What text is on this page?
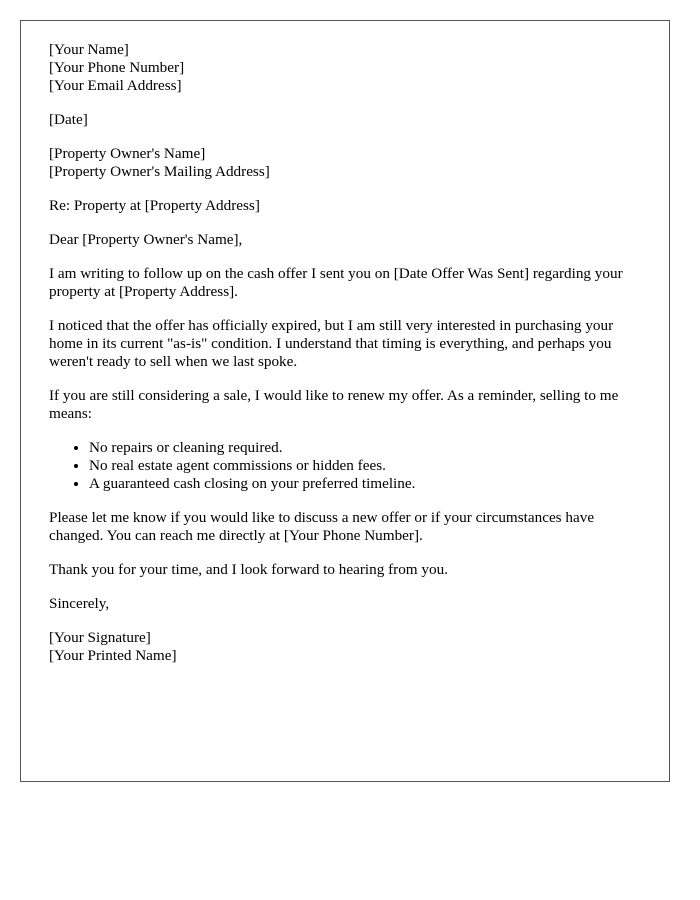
[Your Name]
[Your Phone Number]
[Your Email Address]
[Date]
[Property Owner's Name]
[Property Owner's Mailing Address]

Re: Property at [Property Address]

Dear [Property Owner's Name],

I am writing to follow up on the cash offer I sent you on [Date Offer Was Sent] regarding your property at [Property Address].

I noticed that the offer has officially expired, but I am still very interested in purchasing your home in its current "as-is" condition. I understand that timing is everything, and perhaps you weren't ready to sell when we last spoke.

If you are still considering a sale, I would like to renew my offer. As a reminder, selling to me means:

• No repairs or cleaning required.
• No real estate agent commissions or hidden fees.
• A guaranteed cash closing on your preferred timeline.

Please let me know if you would like to discuss a new offer or if your circumstances have changed. You can reach me directly at [Your Phone Number].

Thank you for your time, and I look forward to hearing from you.

Sincerely,

[Your Signature]
[Your Printed Name]
